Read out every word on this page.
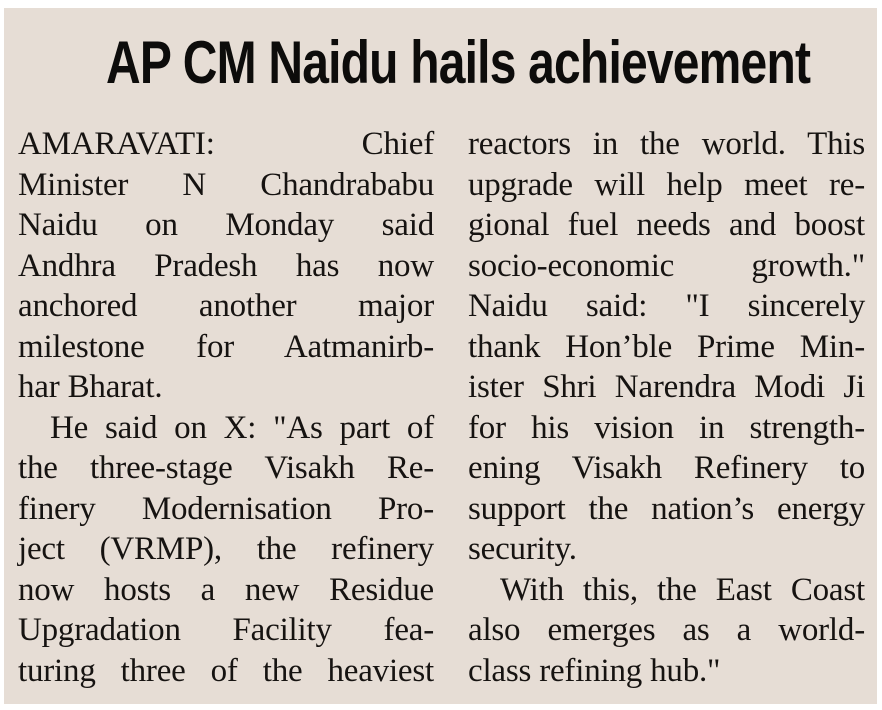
AP CM Naidu hails achievement
AMARAVATI: Chief
Minister N Chandrababu
Naidu on Monday said
Andhra Pradesh has now
anchored another major
milestone for Aatmanirb-
har Bharat.
He said on X: "As part of
the three-stage Visakh Re-
finery Modernisation Pro-
ject (VRMP), the refinery
now hosts a new Residue
Upgradation Facility fea-
turing three of the heaviest
reactors in the world. This
upgrade will help meet re-
gional fuel needs and boost
socio-economic growth."
Naidu said: "I sincerely
thank Hon’ble Prime Min-
ister Shri Narendra Modi Ji
for his vision in strength-
ening Visakh Refinery to
support the nation’s energy
security.
With this, the East Coast
also emerges as a world-
class refining hub."
